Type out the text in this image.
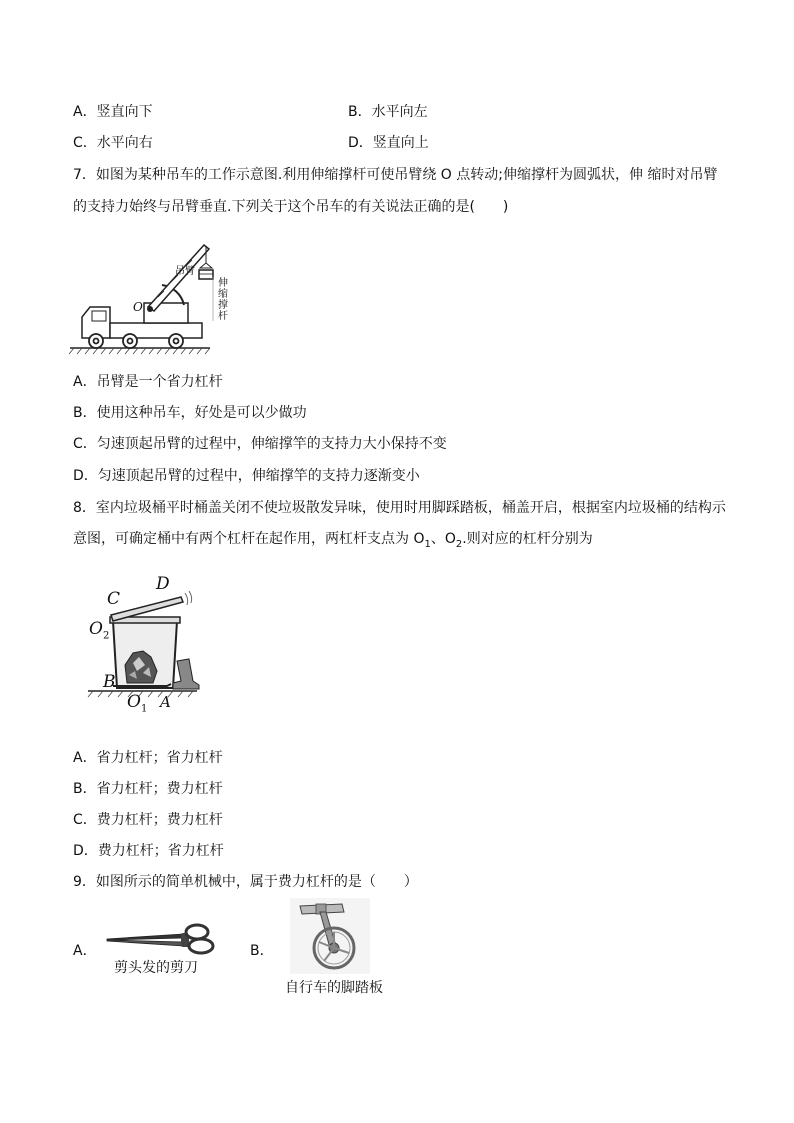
A．竖直向下	B．水平向左
C．水平向右	D．竖直向上
7．如图为某种吊车的工作示意图.利用伸缩撑杆可使吊臂绕 O 点转动;伸缩撑杆为圆弧状，伸 缩时对吊臂
的支持力始终与吊臂垂直.下列关于这个吊车的有关说法正确的是(　　)
吊臂
伸缩撑杆
O
A．吊臂是一个省力杠杆
B．使用这种吊车，好处是可以少做功
C．匀速顶起吊臂的过程中，伸缩撑竿的支持力大小保持不变
D．匀速顶起吊臂的过程中，伸缩撑竿的支持力逐渐变小
8．室内垃圾桶平时桶盖关闭不使垃圾散发异味，使用时用脚踩踏板，桶盖开启，根据室内垃圾桶的结构示
意图，可确定桶中有两个杠杆在起作用，两杠杆支点为 $O_1$、$O_2$.则对应的杠杆分别为
C
D
$O_2$
B
$O_1$ A
A．省力杠杆；省力杠杆
B．省力杠杆；费力杠杆
C．费力杠杆；费力杠杆
D．费力杠杆；省力杠杆
9．如图所示的简单机械中，属于费力杠杆的是（　　）
A．
剪头发的剪刀
B．
自行车的脚踏板
